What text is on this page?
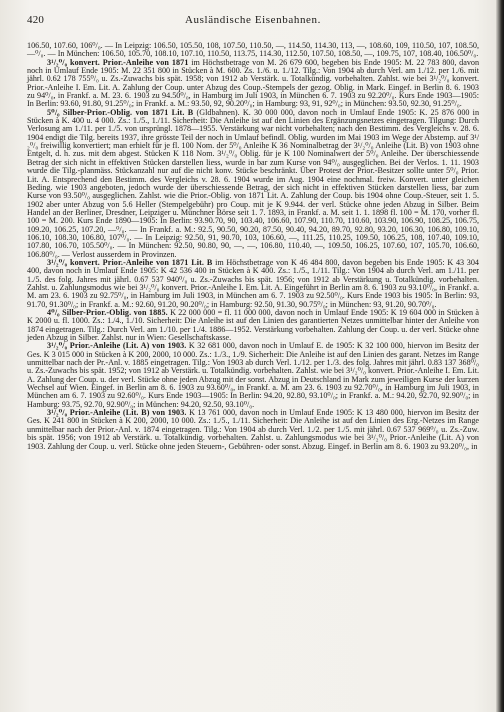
420	Ausländische Eisenbahnen.

106.50, 107.60, 106⁰/₀. — In Leipzig: 106.50, 105.50, 108, 107.50, 110.50, —, 114.50, 114.30, 113, —, 108.60, 109, 110.50, 107, 108.50, —⁰/₀. — In München: 106.50, 105.70, 108.10, 107.10, 110.50, 113.75, 114.30, 112.50, 107.50, 108.50, —, 109.75, 107, 108.40, 106.50⁰/₀.

3¹/₂⁰/₀ konvert. Prior.-Anleihe von 1871 im Höchstbetrage von M. 26 679 600, begeben bis Ende 1905: M. 22 783 800, davon noch in Umlauf Ende 1905: M. 22 351 800 in Stücken à M. 600. Zs. 1./6. u. 1./12. Tilg.: Von 1904 ab durch Verl. am 1./12. per 1./6. mit jährl. 0.62 178 755⁰/₀ u. Zs.-Zuwachs bis spät. 1958; von 1912 ab Verstärk. u. Totalkündig. vorbehalten. Zahlst. wie bei 3¹/₂⁰/₀ konvert. Prior.-Anleihe I. Em. Lit. A. Zahlung der Coup. unter Abzug des Coup.-Stempels der gezog. Oblig. in Mark. Eingef. in Berlin 8. 6. 1903 zu 94⁰/₀, in Frankf. a. M. 23. 6. 1903 zu 94.50⁰/₀, in Hamburg im Juli 1903, in München 6. 7. 1903 zu 92.20⁰/₀. Kurs Ende 1903—1905: In Berlin: 93.60, 91.80, 91.25⁰/₀; in Frankf. a. M.: 93.50, 92, 90.20⁰/₀; in Hamburg: 93, 91, 92⁰/₀; in München: 93.50, 92.30, 91.25⁰/₀.

5⁰/₀ Silber-Prior.-Oblig. von 1871 Lit. B (Gldbahnen). K. 30 000 000, davon noch in Umlauf Ende 1905: K. 25 876 000 in Stücken à K. 400 u. 4 000. Zs.: 1./5., 1./11. Sicherheit: Die Anleihe ist auf den Linien des Ergänzungsnetzes eingetragen. Tilgung: Durch Verlosung am 1./11. per 1./5. von ursprüngl. 1878—1955. Verstärkung war nicht vorbehalten; nach den Bestimm. des Vergleichs v. 28. 6. 1904 endigt die Tilg. bereits 1937, ihre grösste Teil der noch in Umlauf befindl. Oblig. wurden im Mai 1903 im Wege der Abstemp. auf 3¹/₂⁰/₀ freiwillig konvertiert; man erhielt für je fl. 100 Nom. der 5⁰/₀ Anleihe K 36 Nominalbetrag der 3¹/₂⁰/₀ Anleihe (Lit. B) von 1903 ohne Entgelt, d. h. zus. mit dem abgest. Stücken K 118 Nom. 3¹/₂⁰/₀ Oblig. für je K 100 Nominalwert der 5⁰/₀ Anleihe. Der überschiessende Betrag der sich nicht in effektiven Stücken darstellen liess, wurde in bar zum Kurse von 94⁰/₀ ausgeglichen. Bei der Verlos. 1. 11. 1903 wurde die Tilg.-planmäss. Stückanzahl nur auf die nicht konv. Stücke beschränkt. Über Protest der Prior.-Besitzer sollte unter 5⁰/₀ Prior. Lit. A. Entsprechend den Bestimm. des Vergleichs v. 28. 6. 1904 wurde im Aug. 1904 eine nochmal. freiw. Konvert. unter gleichen Beding. wie 1903 angeboten, jedoch wurde der überschiessende Betrag, der sich nicht in effektiven Stücken darstellen liess, bar zum Kurse von 93.50⁰/₀ ausgeglichen. Zahlst. wie die Prior.-Oblig. von 1871 Lit. A. Zahlung der Coup. bis 1904 ohne Coup.-Steuer, seit 1. 5. 1902 aber unter Abzug von 5.6 Heller (Stempelgebühr) pro Coup. mit je K 9.944. der verl. Stücke ohne jeden Abzug in Silber. Beim Handel an der Berliner, Dresdner, Leipziger u. Münchner Börse seit 1. 7. 1893, in Frankf. a. M. seit 1. 1. 1898 fl. 100 = M. 170, vorher fl. 100 = M. 200. Kurs Ende 1890—1905: In Berlin: 93.90.70, 90, 103.40, 106.60, 107.90, 110.70, 110.60, 103.90, 106.90, 108.25, 106.75, 109.20, 106.25, 107.20, —⁰/₀. — In Frankf. a. M.: 92.5, 90.50, 90.20, 87.50, 90.40, 94.20, 89.70, 92.80, 93.20, 106.30, 106.80, 109.10, 106.10, 108.30, 106.80, 107⁰/₀. — In Leipzig: 92.50, 91, 90.70, 103, 106.60, —, 111.25, 110.25, 109.50, 106.25, 108, 107.40, 109.10, 107.80, 106.70, 105.50⁰/₀. — In München: 92.50, 90.80, 90, —, —, 106.80, 110.40, —, 109.50, 106.25, 107.60, 107, 105.70, 106.60, 106.80⁰/₀. — Verlost ausserdem in Provinzen.

3¹/₂⁰/₀ konvert. Prior.-Anleihe von 1871 Lit. B im Höchstbetrage von K 46 484 800, davon begeben bis Ende 1905: K 43 304 400, davon noch in Umlauf Ende 1905: K 42 536 400 in Stücken à K 400. Zs.: 1./5., 1./11. Tilg.: Von 1904 ab durch Verl. am 1./11. per 1./5. des folg. Jahres mit jährl. 0.67 537 940⁰/₀ u. Zs.-Zuwachs bis spät. 1956; von 1912 ab Verstärkung u. Totalkündig. vorbehalten. Zahlst. u. Zahlungsmodus wie bei 3¹/₂⁰/₀ konvert. Prior.-Anleihe I. Em. Lit. A. Eingeführt in Berlin am 8. 6. 1903 zu 93.10⁰/₀, in Frankf. a. M. am 23. 6. 1903 zu 92.75⁰/₀, in Hamburg im Juli 1903, in München am 6. 7. 1903 zu 92.50⁰/₀. Kurs Ende 1903 bis 1905: In Berlin: 93, 91.70, 91.30⁰/₀; in Frankf. a. M.: 92.60, 91.20, 90.20⁰/₀; in Hamburg: 92.50, 91.30, 90.75⁰/₀; in München: 93, 91.20, 90.70⁰/₀.

4⁰/₀ Silber-Prior.-Oblig. von 1885. K 22 000 000 = fl. 11 000 000, davon noch in Umlauf Ende 1905: K 19 604 000 in Stücken à K 2000 u. fl. 1000. Zs.: 1./4., 1./10. Sicherheit: Die Anleihe ist auf den Linien des garantierten Netzes unmittelbar hinter der Anleihe von 1874 eingetragen. Tilg.: Durch Verl. am 1./10. per 1./4. 1886—1952. Verstärkung vorbehalten. Zahlung der Coup. u. der verl. Stücke ohne jeden Abzug in Silber. Zahlst. nur in Wien: Gesellschaftskasse.

3¹/₂⁰/₀ Prior.-Anleihe (Lit. A) von 1903. K 32 681 000, davon noch in Umlauf E. de 1905: K 32 100 000, hiervon im Besitz der Ges. K 3 015 000 in Stücken à K 200, 2000, 10 000. Zs.: 1./3., 1./9. Sicherheit: Die Anleihe ist auf den Linien des garant. Netzes im Range unmittelbar nach der Pr.-Anl. v. 1885 eingetragen. Tilg.: Von 1903 ab durch Verl. 1./12. per 1./3. des folg. Jahres mit jährl. 0.83 137 368⁰/₀ u. Zs.-Zuwachs bis spät. 1952; von 1912 ab Verstärk. u. Totalkündig. vorbehalten. Zahlst. wie bei 3¹/₂⁰/₀ konvert. Prior.-Anleihe I. Em. Lit. A. Zahlung der Coup. u. der verl. Stücke ohne jeden Abzug mit der sonst. Abzug in Deutschland in Mark zum jeweiligen Kurse der kurzen Wechsel auf Wien. Eingef. in Berlin am 8. 6. 1903 zu 93.60⁰/₀, in Frankf. a. M. am 23. 6. 1903 zu 92.70⁰/₀, in Hamburg im Juli 1903, in München am 6. 7. 1903 zu 92.60⁰/₀. Kurs Ende 1903—1905: In Berlin: 94.20, 92.80, 93.10⁰/₀; in Frankf. a. M.: 94.20, 92.70, 92.90⁰/₀; in Hamburg: 93.75, 92.70, 92.90⁰/₀; in München: 94.20, 92.50, 93.10⁰/₀.

3¹/₂⁰/₀ Prior.-Anleihe (Lit. B) von 1903. K 13 761 000, davon noch in Umlauf Ende 1905: K 13 480 000, hiervon im Besitz der Ges. K 241 800 in Stücken à K 200, 2000, 10 000. Zs.: 1./5., 1./11. Sicherheit: Die Anleihe ist auf den Linien des Erg.-Netzes im Range unmittelbar nach der Prior.-Anl. v. 1874 eingetragen. Tilg.: Von 1904 ab durch Verl. 1./2. per 1./5. mit jährl. 0.67 537 969⁰/₀ u. Zs.-Zuw. bis spät. 1956; von 1912 ab Verstärk. u. Totalkündig. vorbehalten. Zahlst. u. Zahlungsmodus wie bei 3¹/₂⁰/₀ Prior.-Anleihe (Lit. A) von 1903. Zahlung der Coup. u. verl. Stücke ohne jeden Steuern-, Gebühren- oder sonst. Abzug. Eingef. in Berlin am 8. 6. 1903 zu 93.20⁰/₀, in
